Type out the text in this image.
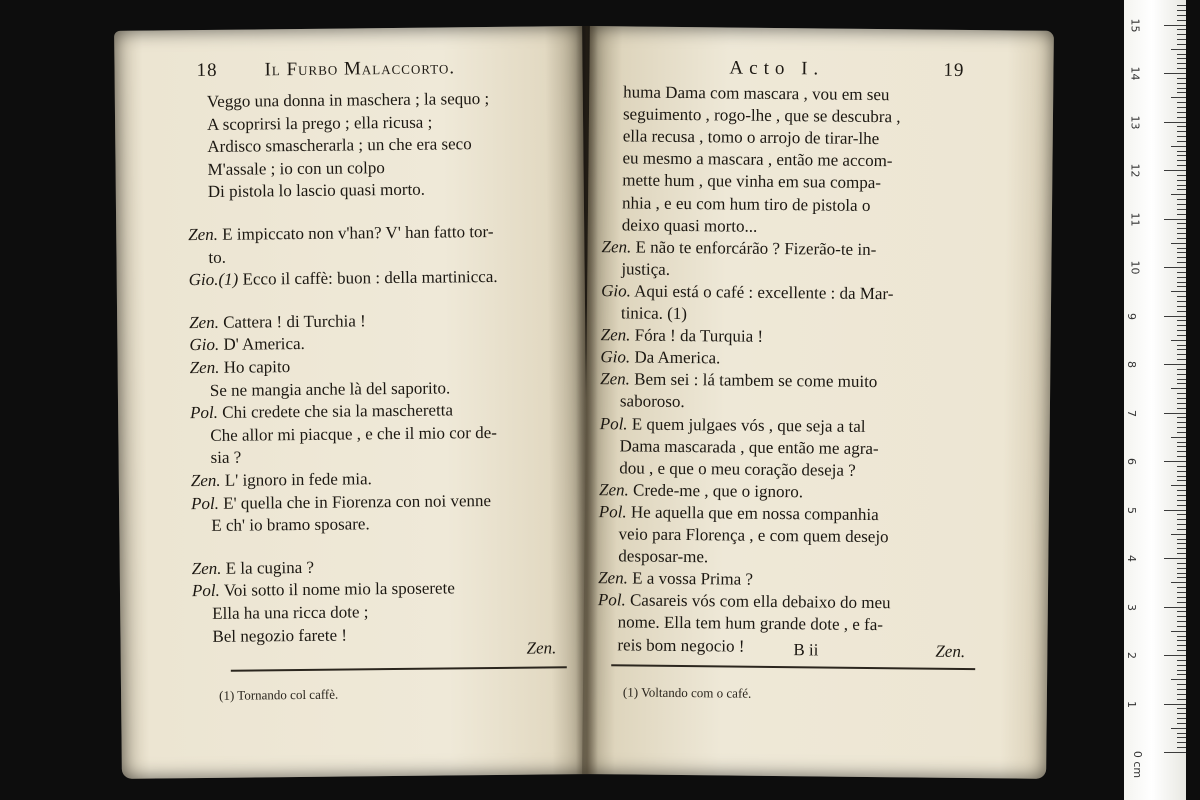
18 Il Furbo Malaccorto.
Veggo una donna in maschera ; la sequo ;
A scoprirsi la prego ; ella ricusa ;
Ardisco smascherarla ; un che era seco
M'assale ; io con un colpo
Di pistola lo lascio quasi morto.
Zen. E impiccato non v'han? V' han fatto tor-
to.
Gio.(1) Ecco il caffè: buon : della martinicca.
Zen. Cattera ! di Turchia !
Gio. D' America.
Zen. Ho capito
Se ne mangia anche là del saporito.
Pol. Chi credete che sia la mascheretta
Che allor mi piacque , e che il mio cor de-
sia ?
Zen. L' ignoro in fede mia.
Pol. E' quella che in Fiorenza con noi venne
E ch' io bramo sposare.
Zen. E la cugina ?
Pol. Voi sotto il nome mio la sposerete
Ella ha una ricca dote ;
Bel negozio farete !
Zen.
(1) Tornando col caffè.
Acto I.	19
huma Dama com mascara , vou em seu
seguimento , rogo-lhe , que se descubra ,
ella recusa , tomo o arrojo de tirar-lhe
eu mesmo a mascara , então me accom-
mette hum , que vinha em sua compa-
nhia , e eu com hum tiro de pistola o
deixo quasi morto...
Zen. E não te enforcárão ? Fizerão-te in-
justiça.
Gio. Aqui está o café : excellente : da Mar-
tinica. (1)
Zen. Fóra ! da Turquia !
Gio. Da America.
Zen. Bem sei : lá tambem se come muito
saboroso.
Pol. E quem julgaes vós , que seja a tal
Dama mascarada , que então me agra-
dou , e que o meu coração deseja ?
Zen. Crede-me , que o ignoro.
Pol. He aquella que em nossa companhia
veio para Florença , e com quem desejo
desposar-me.
Zen. E a vossa Prima ?
Pol. Casareis vós com ella debaixo do meu
nome. Ella tem hum grande dote , e fa-
reis bom negocio !	B ii	Zen.
(1) Voltando com o café.
0 cm
1
2
3
4
5
6
7
8
9
10
11
12
13
14
15
